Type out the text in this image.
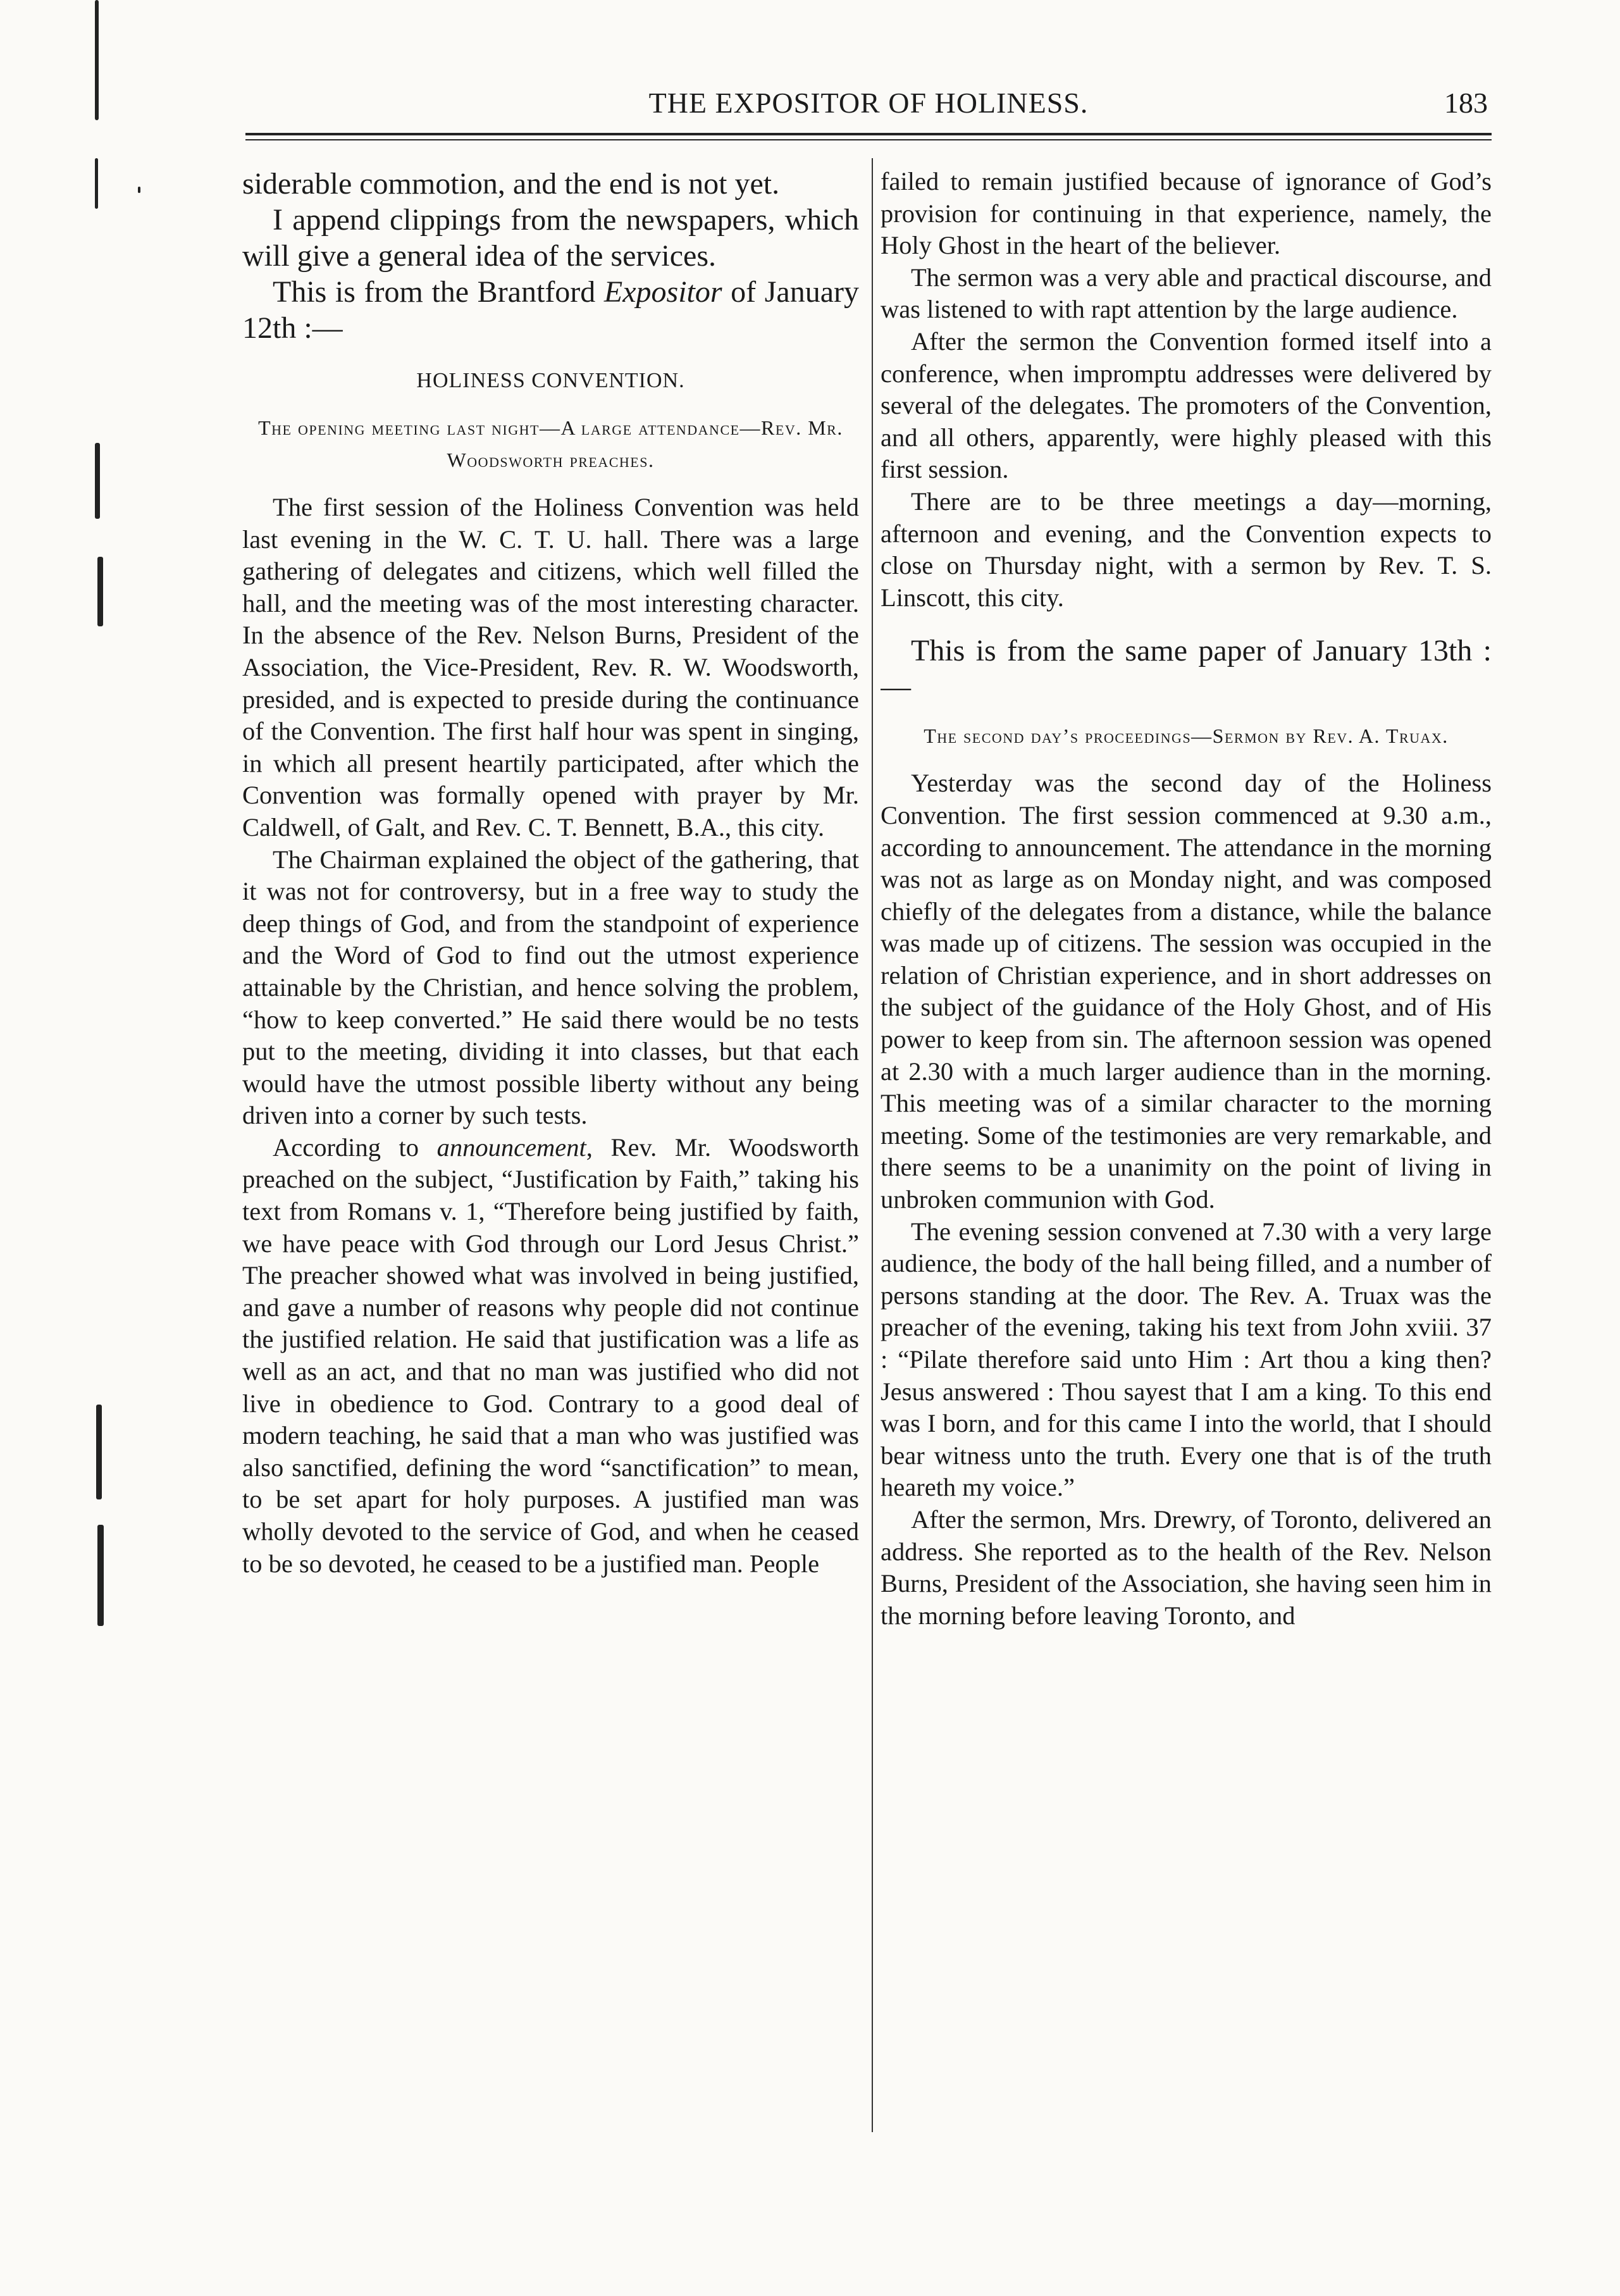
THE EXPOSITOR OF HOLINESS.	183

siderable commotion, and the end is not yet.

I append clippings from the newspapers, which will give a general idea of the services.

This is from the Brantford Expositor of January 12th :—

HOLINESS CONVENTION.
The opening meeting last night—A large attendance—Rev. Mr. Woodsworth preaches.

The first session of the Holiness Convention was held last evening in the W. C. T. U. hall. There was a large gathering of delegates and citizens, which well filled the hall, and the meeting was of the most interesting character. In the absence of the Rev. Nelson Burns, President of the Association, the Vice-President, Rev. R. W. Woodsworth, presided, and is expected to preside during the continuance of the Convention. The first half hour was spent in singing, in which all present heartily participated, after which the Convention was formally opened with prayer by Mr. Caldwell, of Galt, and Rev. C. T. Bennett, B.A., this city.

The Chairman explained the object of the gathering, that it was not for controversy, but in a free way to study the deep things of God, and from the standpoint of experience and the Word of God to find out the utmost experience attainable by the Christian, and hence solving the problem, “how to keep converted.” He said there would be no tests put to the meeting, dividing it into classes, but that each would have the utmost possible liberty without any being driven into a corner by such tests.

According to announcement, Rev. Mr. Woodsworth preached on the subject, “Justification by Faith,” taking his text from Romans v. 1, “Therefore being justified by faith, we have peace with God through our Lord Jesus Christ.” The preacher showed what was involved in being justified, and gave a number of reasons why people did not continue the justified relation. He said that justification was a life as well as an act, and that no man was justified who did not live in obedience to God. Contrary to a good deal of modern teaching, he said that a man who was justified was also sanctified, defining the word “sanctification” to mean, to be set apart for holy purposes. A justified man was wholly devoted to the service of God, and when he ceased to be so devoted, he ceased to be a justified man. People

failed to remain justified because of ignorance of God’s provision for continuing in that experience, namely, the Holy Ghost in the heart of the believer.

The sermon was a very able and practical discourse, and was listened to with rapt attention by the large audience.

After the sermon the Convention formed itself into a conference, when impromptu addresses were delivered by several of the delegates. The promoters of the Convention, and all others, apparently, were highly pleased with this first session.

There are to be three meetings a day—morning, afternoon and evening, and the Convention expects to close on Thursday night, with a sermon by Rev. T. S. Linscott, this city.

This is from the same paper of January 13th :—

The second day’s proceedings—Sermon by Rev. A. Truax.

Yesterday was the second day of the Holiness Convention. The first session commenced at 9.30 a.m., according to announcement. The attendance in the morning was not as large as on Monday night, and was composed chiefly of the delegates from a distance, while the balance was made up of citizens. The session was occupied in the relation of Christian experience, and in short addresses on the subject of the guidance of the Holy Ghost, and of His power to keep from sin. The afternoon session was opened at 2.30 with a much larger audience than in the morning. This meeting was of a similar character to the morning meeting. Some of the testimonies are very remarkable, and there seems to be a unanimity on the point of living in unbroken communion with God.

The evening session convened at 7.30 with a very large audience, the body of the hall being filled, and a number of persons standing at the door. The Rev. A. Truax was the preacher of the evening, taking his text from John xviii. 37 : “Pilate therefore said unto Him : Art thou a king then? Jesus answered : Thou sayest that I am a king. To this end was I born, and for this came I into the world, that I should bear witness unto the truth. Every one that is of the truth heareth my voice.”

After the sermon, Mrs. Drewry, of Toronto, delivered an address. She reported as to the health of the Rev. Nelson Burns, President of the Association, she having seen him in the morning before leaving Toronto, and
